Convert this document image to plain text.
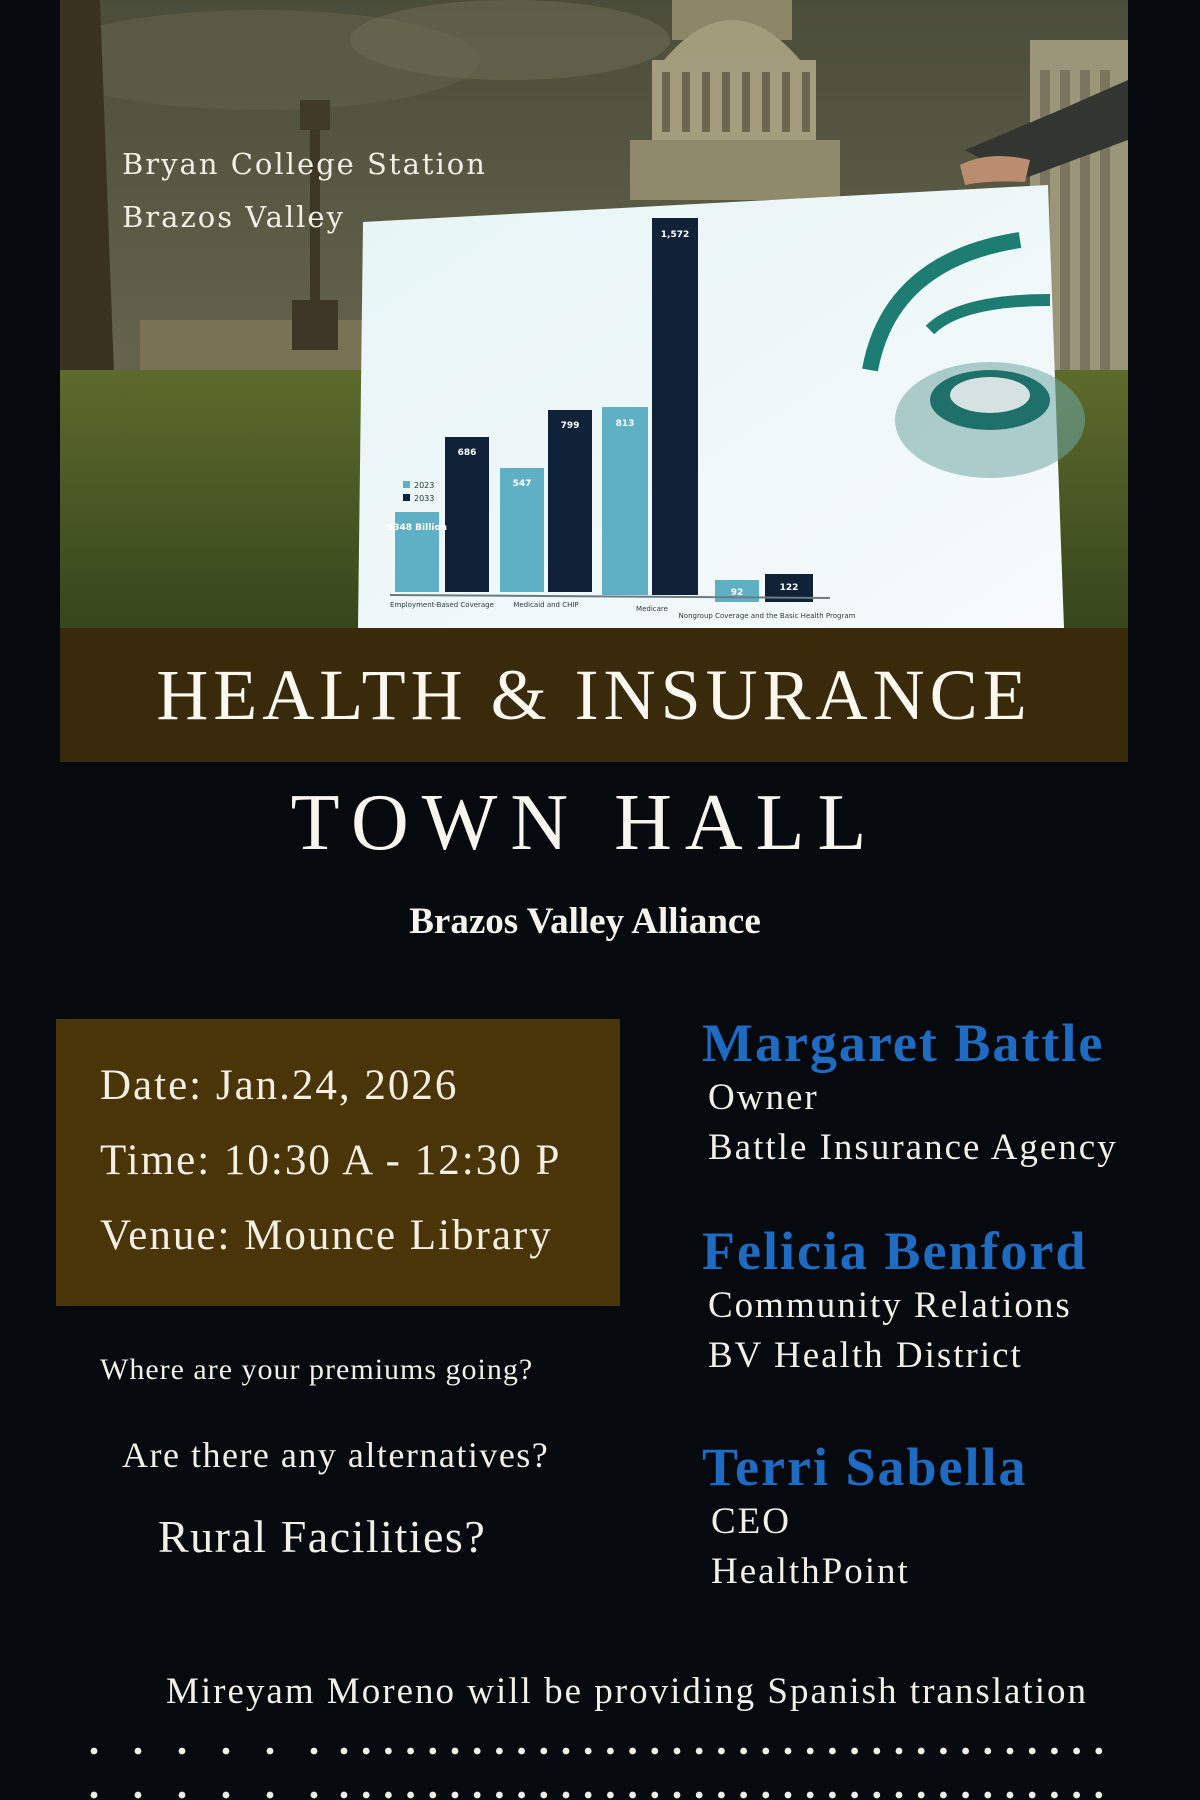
2023
2033
$348 Billion
686
547
799	813
1,572
92	122
Employment-Based Coverage	Medicaid and CHIP	Medicare
Nongroup Coverage and the Basic Health Program
Bryan College Station
Brazos Valley
HEALTH & INSURANCE
TOWN HALL
Brazos Valley Alliance
Date: Jan.24, 2026
Time: 10:30 A - 12:30 P
Venue: Mounce Library
Where are your premiums going?
Are there any alternatives?
Rural Facilities?
Margaret Battle
Owner
Battle Insurance Agency
Felicia Benford
Community Relations
BV Health District
Terri Sabella
CEO
HealthPoint
Mireyam Moreno will be providing Spanish translation
